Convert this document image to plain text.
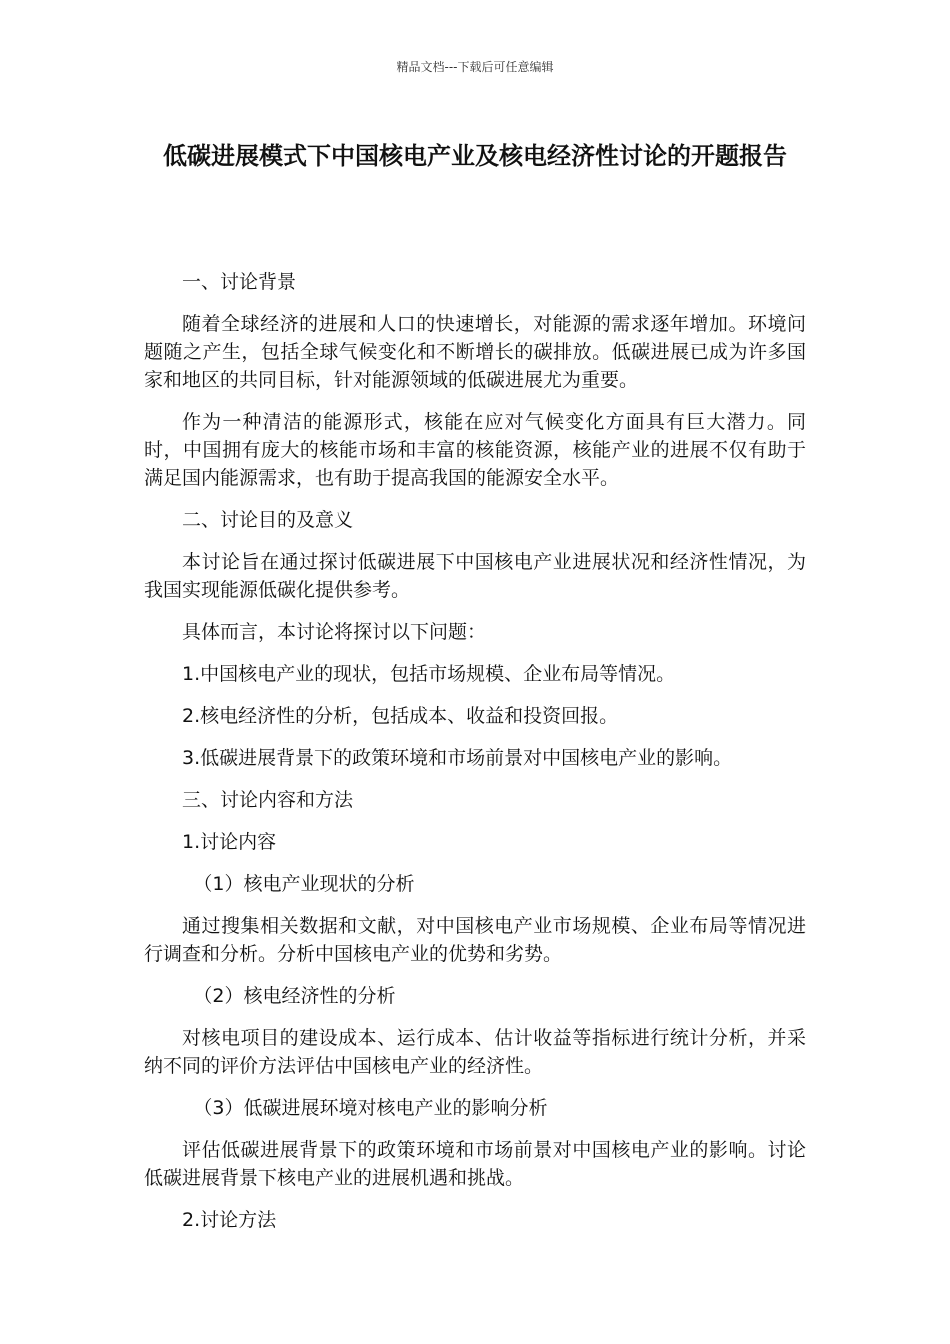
精品文档---下载后可任意编辑
低碳进展模式下中国核电产业及核电经济性讨论的开题报告

一、讨论背景

随着全球经济的进展和人口的快速增长，对能源的需求逐年增加。环境问题随之产生，包括全球气候变化和不断增长的碳排放。低碳进展已成为许多国家和地区的共同目标，针对能源领域的低碳进展尤为重要。

作为一种清洁的能源形式，核能在应对气候变化方面具有巨大潜力。同时，中国拥有庞大的核能市场和丰富的核能资源，核能产业的进展不仅有助于满足国内能源需求，也有助于提高我国的能源安全水平。

二、讨论目的及意义

本讨论旨在通过探讨低碳进展下中国核电产业进展状况和经济性情况，为我国实现能源低碳化提供参考。

具体而言，本讨论将探讨以下问题：

1.中国核电产业的现状，包括市场规模、企业布局等情况。

2.核电经济性的分析，包括成本、收益和投资回报。

3.低碳进展背景下的政策环境和市场前景对中国核电产业的影响。

三、讨论内容和方法

1.讨论内容

（1）核电产业现状的分析

通过搜集相关数据和文献，对中国核电产业市场规模、企业布局等情况进行调查和分析。分析中国核电产业的优势和劣势。

（2）核电经济性的分析

对核电项目的建设成本、运行成本、估计收益等指标进行统计分析，并采纳不同的评价方法评估中国核电产业的经济性。

（3）低碳进展环境对核电产业的影响分析

评估低碳进展背景下的政策环境和市场前景对中国核电产业的影响。讨论低碳进展背景下核电产业的进展机遇和挑战。

2.讨论方法
